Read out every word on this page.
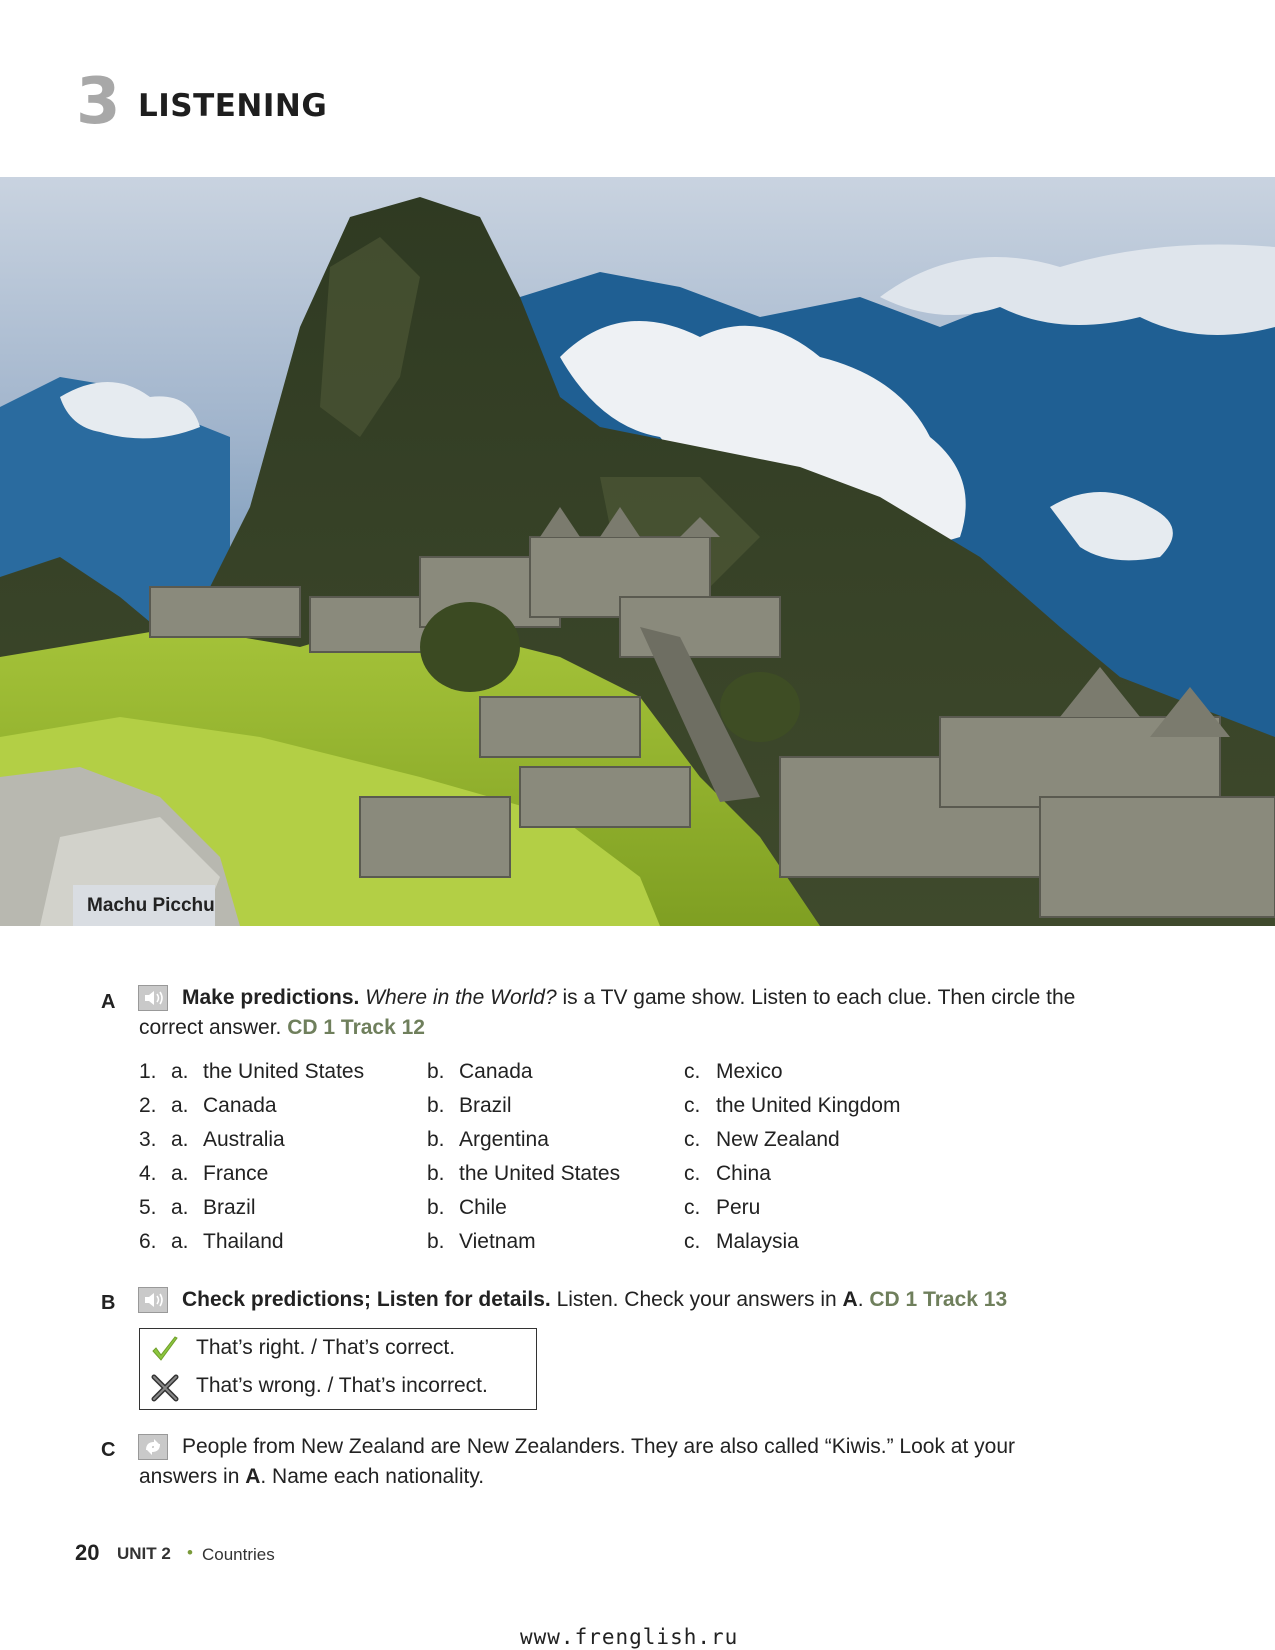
3 LISTENING
Machu Picchu
A	Make predictions. Where in the World? is a TV game show. Listen to each clue. Then circle the
correct answer. CD 1 Track 12
1. a. the United States	b. Canada	c. Mexico
2. a. Canada	b. Brazil	c. the United Kingdom
3. a. Australia	b. Argentina	c. New Zealand
4. a. France	b. the United States	c. China
5. a. Brazil	b. Chile	c. Peru
6. a. Thailand	b. Vietnam	c. Malaysia
B	Check predictions; Listen for details. Listen. Check your answers in A. CD 1 Track 13
That’s right. / That’s correct.
That’s wrong. / That’s incorrect.
C	People from New Zealand are New Zealanders. They are also called “Kiwis.” Look at your
answers in A. Name each nationality.
20 UNIT 2 • Countries
www.frenglish.ru
